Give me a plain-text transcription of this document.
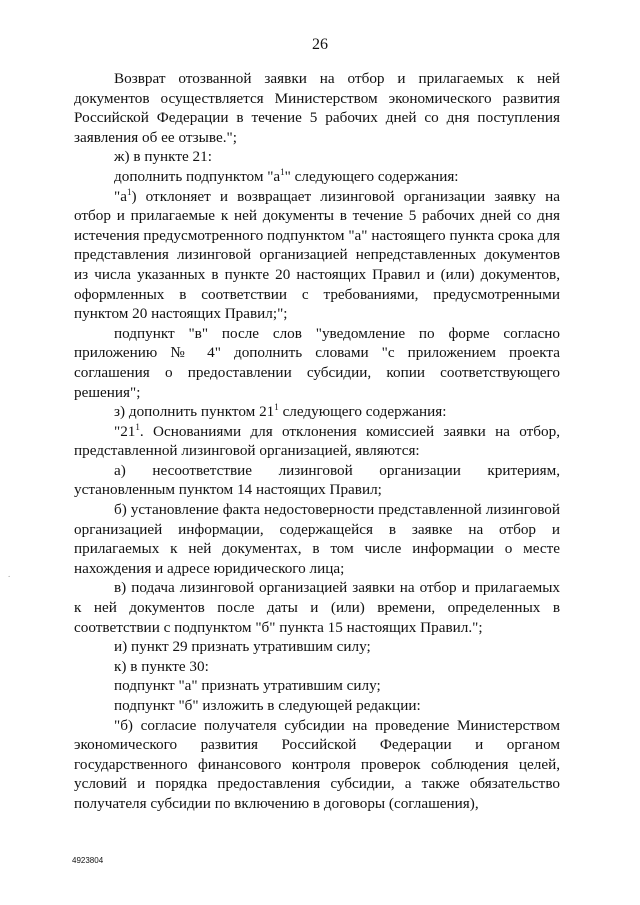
26

Возврат отозванной заявки на отбор и прилагаемых к ней документов осуществляется Министерством экономического развития Российской Федерации в течение 5 рабочих дней со дня поступления заявления об ее отзыве.";

ж) в пункте 21:

дополнить подпунктом "$а^1$" следующего содержания:

"$а^1$) отклоняет и возвращает лизинговой организации заявку на отбор и прилагаемые к ней документы в течение 5 рабочих дней со дня истечения предусмотренного подпунктом "а" настоящего пункта срока для представления лизинговой организацией непредставленных документов из числа указанных в пункте 20 настоящих Правил и (или) документов, оформленных в соответствии с требованиями, предусмотренными пунктом 20 настоящих Правил;";

подпункт "в" после слов "уведомление по форме согласно приложению № 4" дополнить словами "с приложением проекта соглашения о предоставлении субсидии, копии соответствующего решения";

з) дополнить пунктом $21^1$ следующего содержания:

"$21^1$. Основаниями для отклонения комиссией заявки на отбор, представленной лизинговой организацией, являются:

а) несоответствие лизинговой организации критериям, установленным пунктом 14 настоящих Правил;

б) установление факта недостоверности представленной лизинговой организацией информации, содержащейся в заявке на отбор и прилагаемых к ней документах, в том числе информации о месте нахождения и адресе юридического лица;

в) подача лизинговой организацией заявки на отбор и прилагаемых к ней документов после даты и (или) времени, определенных в соответствии с подпунктом "б" пункта 15 настоящих Правил.";

и) пункт 29 признать утратившим силу;

к) в пункте 30:

подпункт "а" признать утратившим силу;

подпункт "б" изложить в следующей редакции:

"б) согласие получателя субсидии на проведение Министерством экономического развития Российской Федерации и органом государственного финансового контроля проверок соблюдения целей, условий и порядка предоставления субсидии, а также обязательство получателя субсидии по включению в договоры (соглашения),

.
4923804
